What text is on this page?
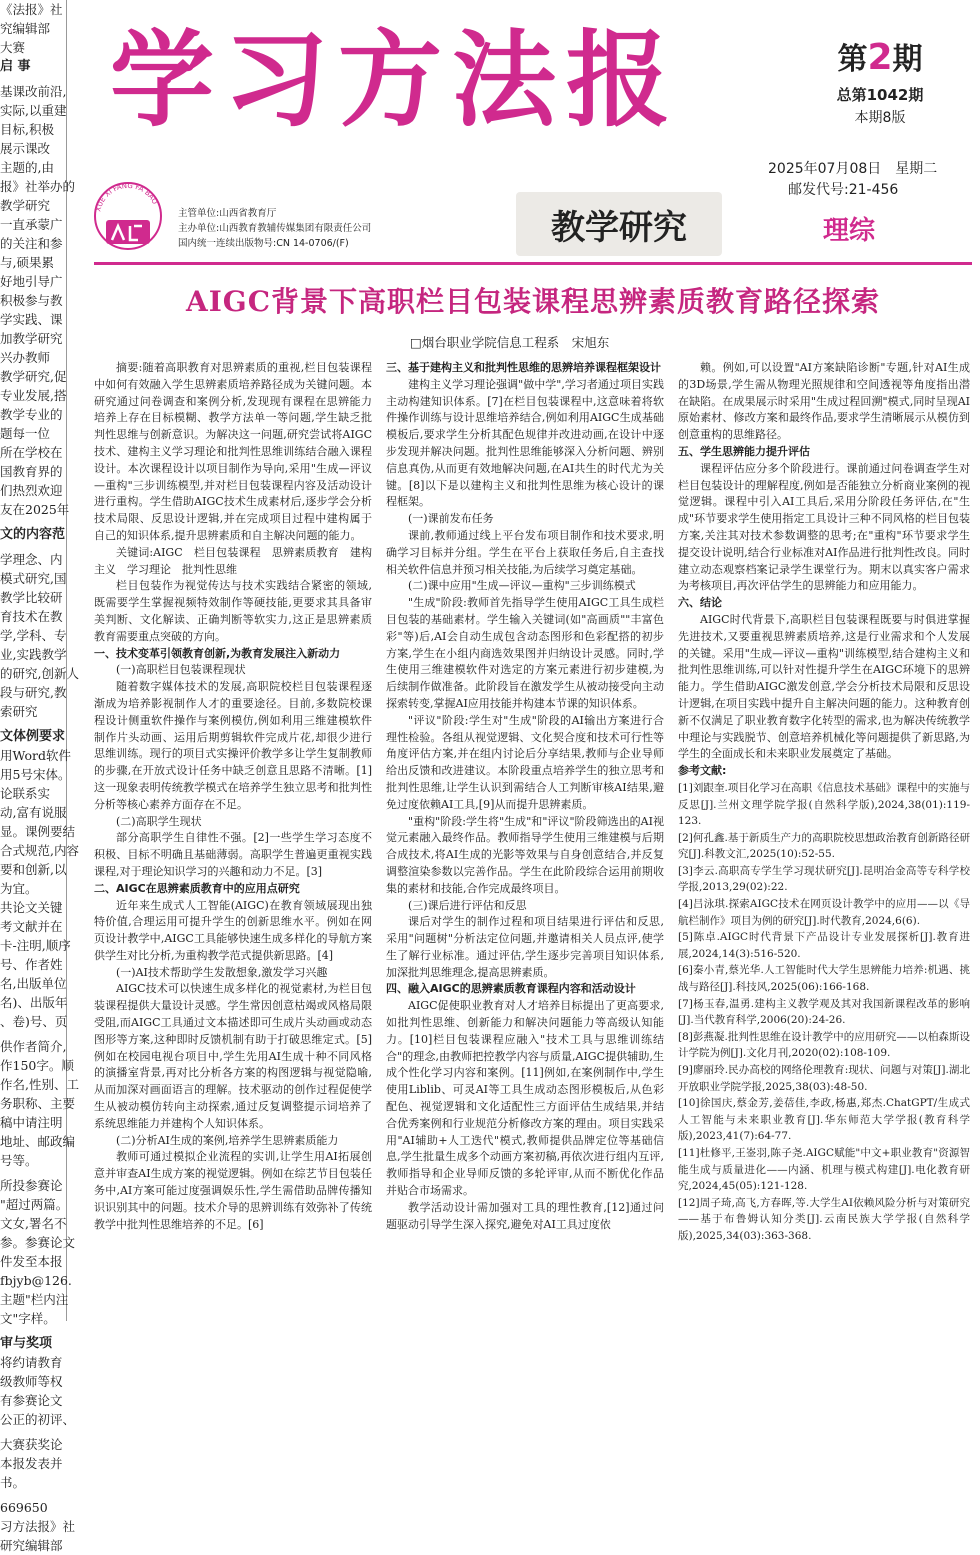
《法报》社
究编辑部
大赛
启 事
基课改前沿,
实际,以重建
目标,积极
展示课改
主题的,由
报》社举办的
教学研究
一直承蒙广
的关注和参
与,硕果累
好地引导广
积极参与教
学实践、课
加教学研究
兴办教师
教学研究,促
专业发展,搭
教学专业的
题每一位
所在学校在
国教育界的
们热烈欢迎
友在2025年
文的内容范
学理念、内
模式研究,国
教学比较研
育技术在教
学,学科、专
业,实践教学
的研究,创新人
段与研究,教
索研究
文体例要求
用Word软件
用5号宋体。
论联系实
动,富有说服
显。课例要结
合式规范,内容
要和创新,以
为宜。
共论文关键
考文献并在
卡-注明,顺序
号、作者姓
名,出版单位
名)、出版年
、卷)号、页
供作者简介,
作150字。顺
作名,性别、工
务职称、主要
稿中请注明
地址、邮政编
号等。
所投参赛论
"超过两篇。
文女,署名不
参。参赛论文
件发至本报
fbjyb@126.
主题"栏内注
文"字样。
审与奖项
将约请教育
级教师等权
有参赛论文
公正的初评、
大赛获奖论
本报发表并
书。
669650
习方法报》社
研究编辑部
学习方法报	第2期
总第1042期
本期8版
2025年07月08日　 星期二
邮发代号:21-456
XUE XI FANG FA BAO
主管单位:山西省教育厅
主办单位:山西教育教辅传媒集团有限责任公司
国内统一连续出版物号:CN 14-0706/(F)	教学研究	理综
AIGC背景下高职栏目包装课程思辨素质教育路径探索
□烟台职业学院信息工程系　宋旭东

摘要:随着高职教育对思辨素质的重视,栏目包装课程中如何有效融入学生思辨素质培养路径成为关键问题。本研究通过问卷调查和案例分析,发现现有课程在思辨能力培养上存在目标模糊、教学方法单一等问题,学生缺乏批判性思维与创新意识。为解决这一问题,研究尝试将AIGC技术、建构主义学习理论和批判性思维训练结合融入课程设计。本次课程设计以项目制作为导向,采用"生成—评议—重构"三步训练模型,并对栏目包装课程内容及活动设计进行重构。学生借助AIGC技术生成素材后,逐步学会分析技术局限、反思设计逻辑,并在完成项目过程中建构属于自己的知识体系,提升思辨素质和自主解决问题的能力。

关键词:AIGC　栏目包装课程　思辨素质教育　建构主义　学习理论　批判性思维

栏目包装作为视觉传达与技术实践结合紧密的领域,既需要学生掌握视频特效制作等硬技能,更要求其具备审美判断、文化解读、正确判断等软实力,这正是思辨素质教育需要重点突破的方向。

一、技术变革引领教育创新,为教育发展注入新动力
(一)高职栏目包装课程现状

随着数字媒体技术的发展,高职院校栏目包装课程逐渐成为培养影视制作人才的重要途径。目前,多数院校课程设计侧重软件操作与案例模仿,例如利用三维建模软件制作片头动画、运用后期剪辑软件完成片花,却很少进行思维训练。现行的项目式实操评价教学多让学生复制教师的步骤,在开放式设计任务中缺乏创意且思路不清晰。[1]这一现象表明传统教学模式在培养学生独立思考和批判性分析等核心素养方面存在不足。

(二)高职学生现状

部分高职学生自律性不强。[2]一些学生学习态度不积极、目标不明确且基础薄弱。高职学生普遍更重视实践课程,对于理论知识学习的兴趣和动力不足。[3]

二、AIGC在思辨素质教育中的应用点研究

近年来生成式人工智能(AIGC)在教育领域展现出独特价值,合理运用可提升学生的创新思维水平。例如在网页设计教学中,AIGC工具能够快速生成多样化的导航方案供学生对比分析,为重构教学范式提供新思路。[4]

(一)AI技术帮助学生发散想象,激发学习兴趣

AIGC技术可以快速生成多样化的视觉素材,为栏目包装课程提供大量设计灵感。学生常因创意枯竭或风格局限受阻,而AIGC工具通过文本描述即可生成片头动画或动态图形等方案,这种即时反馈机制有助于打破思维定式。[5]例如在校园电视台项目中,学生先用AI生成十种不同风格的演播室背景,再对比分析各方案的构图逻辑与视觉隐喻,从而加深对画面语言的理解。技术驱动的创作过程促使学生从被动模仿转向主动探索,通过反复调整提示词培养了系统思维能力并建构个人知识体系。

(二)分析AI生成的案例,培养学生思辨素质能力

教师可通过模拟企业流程的实训,让学生用AI拓展创意并审查AI生成方案的视觉逻辑。例如在综艺节目包装任务中,AI方案可能过度强调娱乐性,学生需借助品牌传播知识识别其中的问题。技术介导的思辨训练有效弥补了传统教学中批判性思维培养的不足。[6]

三、基于建构主义和批判性思维的思辨培养课程框架设计

建构主义学习理论强调"做中学",学习者通过项目实践主动构建知识体系。[7]在栏目包装课程中,这意味着将软件操作训练与设计思维培养结合,例如利用AIGC生成基础模板后,要求学生分析其配色规律并改进动画,在设计中逐步发现并解决问题。批判性思维能够深入分析问题、辨别信息真伪,从而更有效地解决问题,在AI共生的时代尤为关键。[8]以下是以建构主义和批判性思维为核心设计的课程框架。

(一)课前发布任务

课前,教师通过线上平台发布项目制作和技术要求,明确学习目标并分组。学生在平台上获取任务后,自主查找相关软件信息并预习相关技能,为后续学习奠定基础。

(二)课中应用"生成—评议—重构"三步训练模式

"生成"阶段:教师首先指导学生使用AIGC工具生成栏目包装的基础素材。学生输入关键词(如"高画质""丰富色彩"等)后,AI会自动生成包含动态图形和色彩配搭的初步方案,学生在小组内商选效果图并归纳设计灵感。同时,学生使用三维建模软件对选定的方案元素进行初步建模,为后续制作做准备。此阶段旨在激发学生从被动接受向主动探索转变,掌握AI应用技能并构建本节课的知识体系。

"评议"阶段:学生对"生成"阶段的AI输出方案进行合理性检验。各组从视觉逻辑、文化契合度和技术可行性等角度评估方案,并在组内讨论后分享结果,教师与企业导师给出反馈和改进建议。本阶段重点培养学生的独立思考和批判性思维,让学生认识到需结合人工判断审核AI结果,避免过度依赖AI工具,[9]从而提升思辨素质。

"重构"阶段:学生将"生成"和"评议"阶段筛选出的AI视觉元素融入最终作品。教师指导学生使用三维建模与后期合成技术,将AI生成的光影等效果与自身创意结合,并反复调整渲染参数以完善作品。学生在此阶段综合运用前期收集的素材和技能,合作完成最终项目。

(三)课后进行评估和反思

课后对学生的制作过程和项目结果进行评估和反思,采用"问题树"分析法定位问题,并邀请相关人员点评,使学生了解行业标准。通过评估,学生逐步完善项目知识体系,加深批判思维理念,提高思辨素质。

四、融入AIGC的思辨素质教育课程内容和活动设计

AIGC促使职业教育对人才培养目标提出了更高要求,如批判性思维、创新能力和解决问题能力等高级认知能力。[10]栏目包装课程应融入"技术工具与思维训练结合"的理念,由教师把控教学内容与质量,AIGC提供辅助,生成个性化学习内容和案例。[11]例如,在案例制作中,学生使用Liblib、可灵AI等工具生成动态图形模板后,从色彩配色、视觉逻辑和文化适配性三方面评估生成结果,并结合优秀案例和行业规范分析修改方案的理由。项目实践采用"AI辅助+人工迭代"模式,教师提供品牌定位等基础信息,学生批量生成多个动画方案初稿,再依次进行组内互评,教师指导和企业导师反馈的多轮评审,从而不断优化作品并贴合市场需求。

教学活动设计需加强对工具的理性教育,[12]通过问题驱动引导学生深入探究,避免对AI工具过度依

赖。例如,可以设置"AI方案缺陷诊断"专题,针对AI生成的3D场景,学生需从物理光照规律和空间透视等角度指出潜在缺陷。在成果展示时采用"生成过程回溯"模式,同时呈现AI原始素材、修改方案和最终作品,要求学生清晰展示从模仿到创意重构的思维路径。

五、学生思辨能力提升评估

课程评估应分多个阶段进行。课前通过问卷调查学生对栏目包装设计的理解程度,例如是否能独立分析商业案例的视觉逻辑。课程中引入AI工具后,采用分阶段任务评估,在"生成"环节要求学生使用指定工具设计三种不同风格的栏目包装方案,关注其对技术参数调整的思考;在"重构"环节要求学生提交设计说明,结合行业标准对AI作品进行批判性改良。同时建立动态观察档案记录学生课堂行为。期末以真实客户需求为考核项目,再次评估学生的思辨能力和应用能力。

六、结论

AIGC时代背景下,高职栏目包装课程既要与时俱进掌握先进技术,又要重视思辨素质培养,这是行业需求和个人发展的关键。采用"生成—评议—重构"训练模型,结合建构主义和批判性思维训练,可以针对性提升学生在AIGC环境下的思辨能力。学生借助AIGC激发创意,学会分析技术局限和反思设计逻辑,在项目实践中提升自主解决问题的能力。这种教育创新不仅满足了职业教育数字化转型的需求,也为解决传统教学中理论与实践脱节、创意培养机械化等问题提供了新思路,为学生的全面成长和未来职业发展奠定了基础。

参考文献:

[1]刘跟奎.项目化学习在高职《信息技术基础》课程中的实施与反思[J].兰州文理学院学报(自然科学版),2024,38(01):119-123.

[2]何孔鑫.基于新质生产力的高职院校思想政治教育创新路径研究[J].科教文汇,2025(10):52-55.

[3]李云.高职高专学生学习现状研究[J].昆明冶金高等专科学校学报,2013,29(02):22.

[4]吕泳琪.探索AIGC技术在网页设计教学中的应用——以《导航栏制作》项目为例的研究[J].时代教育,2024,6(6).

[5]陈卓.AIGC时代背景下产品设计专业发展探析[J].教育进展,2024,14(3):516-520.

[6]秦小青,蔡光华.人工智能时代大学生思辨能力培养:机遇、挑战与路径[J].科技风,2025(06):166-168.

[7]杨玉春,温勇.建构主义教学观及其对我国新课程改革的影响[J].当代教育科学,2006(20):24-26.

[8]彭燕凝.批判性思维在设计教学中的应用研究——以柏森斯设计学院为例[J].文化月刊,2020(02):108-109.

[9]廖丽玲.民办高校的网络伦理教育:现状、问题与对策[J].湖北开放职业学院学报,2025,38(03):48-50.

[10]徐国庆,蔡金芳,姜蓓佳,李政,杨惠,郑杰.ChatGPT/生成式人工智能与未来职业教育[J].华东师范大学学报(教育科学版),2023,41(7):64-77.

[11]杜修平,王崟羽,陈子尧.AIGC赋能"中文+职业教育"资源智能生成与质量进化——内涵、机理与模式构建[J].电化教育研究,2024,45(05):121-128.

[12]周子琦,高飞,方春晖,等.大学生AI依赖风险分析与对策研究——基于布鲁姆认知分类[J].云南民族大学学报(自然科学版),2025,34(03):363-368.
